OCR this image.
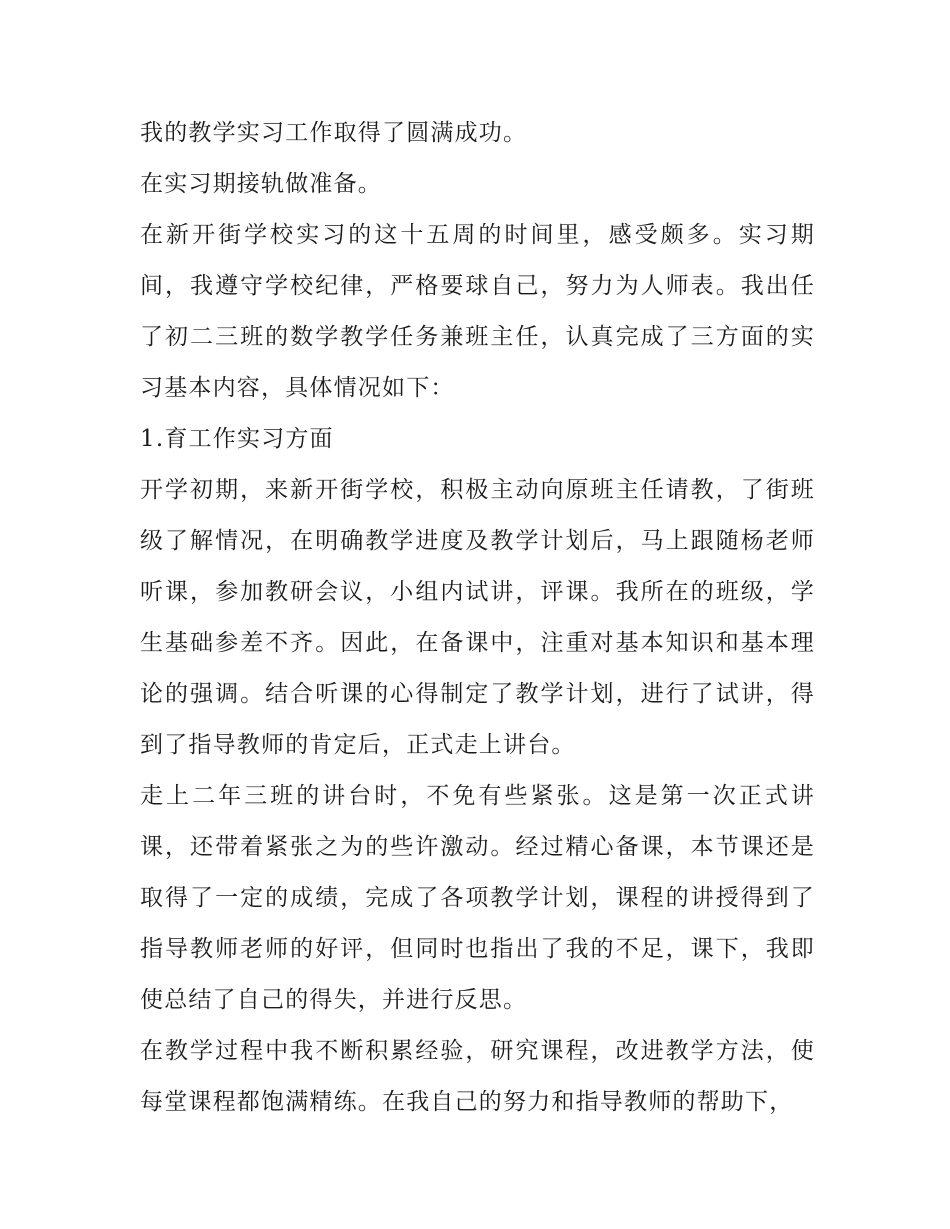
我的教学实习工作取得了圆满成功。

在实习期接轨做准备。

在新开街学校实习的这十五周的时间里，感受颇多。实习期间，我遵守学校纪律，严格要球自己，努力为人师表。我出任了初二三班的数学教学任务兼班主任，认真完成了三方面的实习基本内容，具体情况如下：

1.育工作实习方面

开学初期，来新开街学校，积极主动向原班主任请教，了街班级了解情况，在明确教学进度及教学计划后，马上跟随杨老师听课，参加教研会议，小组内试讲，评课。我所在的班级，学生基础参差不齐。因此，在备课中，注重对基本知识和基本理论的强调。结合听课的心得制定了教学计划，进行了试讲，得到了指导教师的肯定后，正式走上讲台。

走上二年三班的讲台时，不免有些紧张。这是第一次正式讲课，还带着紧张之为的些许激动。经过精心备课，本节课还是取得了一定的成绩，完成了各项教学计划，课程的讲授得到了指导教师老师的好评，但同时也指出了我的不足，课下，我即使总结了自己的得失，并进行反思。

在教学过程中我不断积累经验，研究课程，改进教学方法，使每堂课程都饱满精练。在我自己的努力和指导教师的帮助下，
